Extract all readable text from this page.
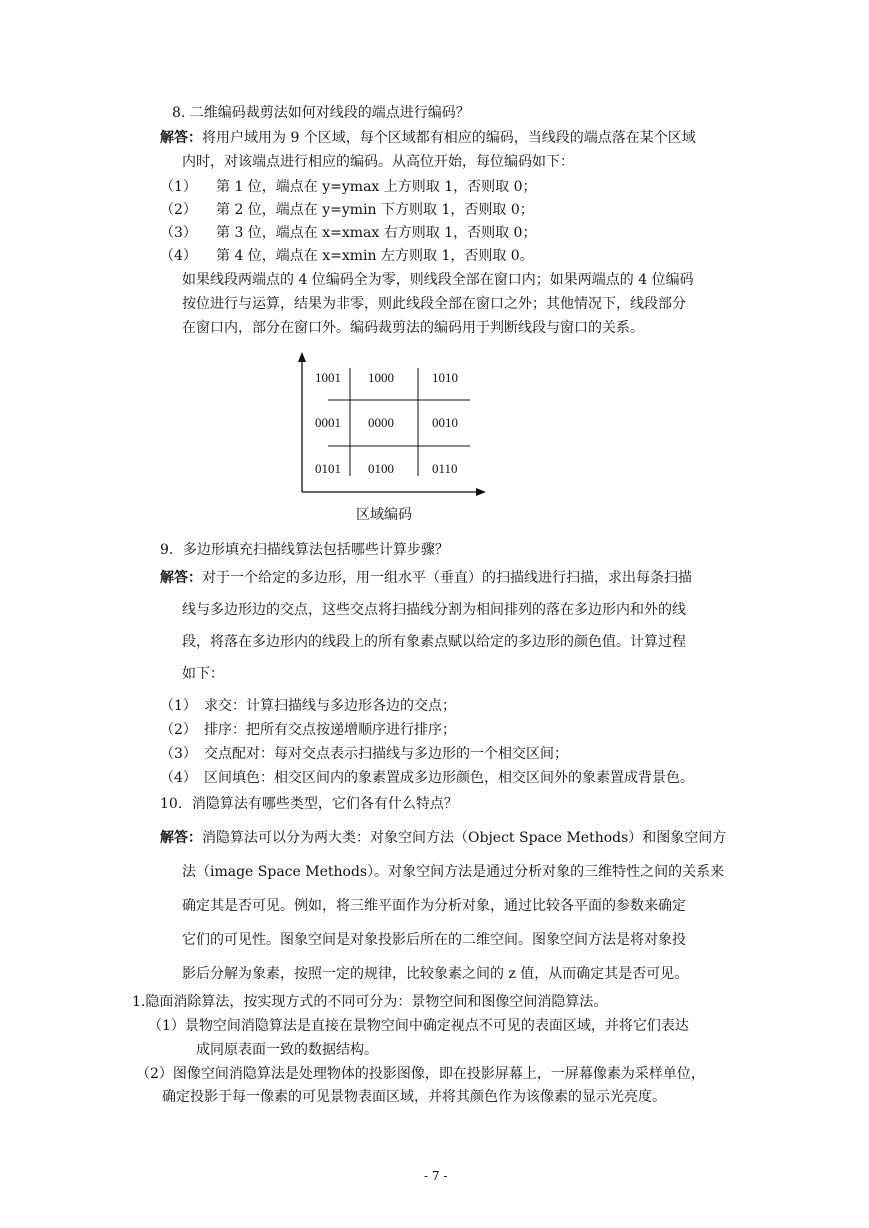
8. 二维编码裁剪法如何对线段的端点进行编码？
解答：将用户域用为 9 个区域，每个区域都有相应的编码，当线段的端点落在某个区域
内时，对该端点进行相应的编码。从高位开始，每位编码如下：
（1） 第 1 位，端点在 y=ymax 上方则取 1，否则取 0；
（2） 第 2 位，端点在 y=ymin 下方则取 1，否则取 0；
（3） 第 3 位，端点在 x=xmax 右方则取 1，否则取 0；
（4） 第 4 位，端点在 x=xmin 左方则取 1，否则取 0。
如果线段两端点的 4 位编码全为零，则线段全部在窗口内；如果两端点的 4 位编码
按位进行与运算，结果为非零，则此线段全部在窗口之外；其他情况下，线段部分
在窗口内，部分在窗口外。编码裁剪法的编码用于判断线段与窗口的关系。
1001 1000	1010
0001 0000	0010
0101 0100	0110
区域编码
9．多边形填充扫描线算法包括哪些计算步骤？
解答：对于一个给定的多边形，用一组水平（垂直）的扫描线进行扫描，求出每条扫描
线与多边形边的交点，这些交点将扫描线分割为相间排列的落在多边形内和外的线
段，将落在多边形内的线段上的所有象素点赋以给定的多边形的颜色值。计算过程
如下：
（1） 求交：计算扫描线与多边形各边的交点；
（2） 排序：把所有交点按递增顺序进行排序；
（3） 交点配对：每对交点表示扫描线与多边形的一个相交区间；
（4） 区间填色：相交区间内的象素置成多边形颜色，相交区间外的象素置成背景色。
10．消隐算法有哪些类型，它们各有什么特点？
解答：消隐算法可以分为两大类：对象空间方法（Object Space Methods）和图象空间方
法（image Space Methods）。对象空间方法是通过分析对象的三维特性之间的关系来
确定其是否可见。例如，将三维平面作为分析对象，通过比较各平面的参数来确定
它们的可见性。图象空间是对象投影后所在的二维空间。图象空间方法是将对象投
影后分解为象素，按照一定的规律，比较象素之间的 z 值，从而确定其是否可见。
1.隐面消除算法，按实现方式的不同可分为：景物空间和图像空间消隐算法。
（1）景物空间消隐算法是直接在景物空间中确定视点不可见的表面区域，并将它们表达
成同原表面一致的数据结构。
（2）图像空间消隐算法是处理物体的投影图像，即在投影屏幕上，一屏幕像素为采样单位，
确定投影于每一像素的可见景物表面区域，并将其颜色作为该像素的显示光亮度。
- 7 -
